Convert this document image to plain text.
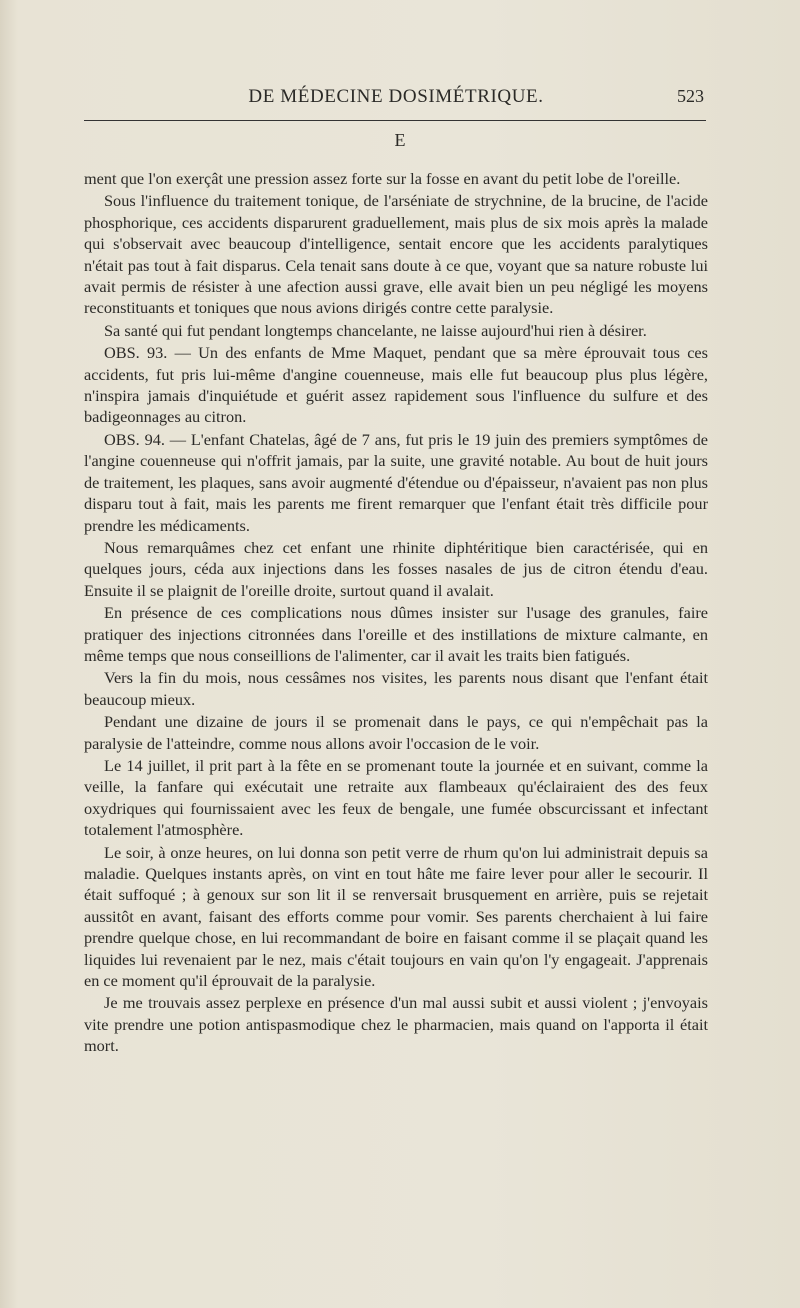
DE MÉDECINE DOSIMÉTRIQUE.	523
E

ment que l'on exerçât une pression assez forte sur la fosse en avant du petit lobe de l'oreille.

Sous l'influence du traitement tonique, de l'arséniate de strychnine, de la brucine, de l'acide phosphorique, ces accidents disparurent graduellement, mais plus de six mois après la malade qui s'observait avec beaucoup d'intelligence, sentait encore que les accidents paralytiques n'était pas tout à fait disparus. Cela tenait sans doute à ce que, voyant que sa nature robuste lui avait permis de résister à une afection aussi grave, elle avait bien un peu négligé les moyens reconstituants et toniques que nous avions dirigés contre cette paralysie.

Sa santé qui fut pendant longtemps chancelante, ne laisse aujourd'hui rien à désirer.

OBS. 93. — Un des enfants de Mme Maquet, pendant que sa mère éprouvait tous ces accidents, fut pris lui-même d'angine couenneuse, mais elle fut beaucoup plus plus légère, n'inspira jamais d'inquiétude et guérit assez rapidement sous l'influence du sulfure et des badigeonnages au citron.

OBS. 94. — L'enfant Chatelas, âgé de 7 ans, fut pris le 19 juin des premiers symptômes de l'angine couenneuse qui n'offrit jamais, par la suite, une gravité notable. Au bout de huit jours de traitement, les plaques, sans avoir augmenté d'étendue ou d'épaisseur, n'avaient pas non plus disparu tout à fait, mais les parents me firent remarquer que l'enfant était très difficile pour prendre les médicaments.

Nous remarquâmes chez cet enfant une rhinite diphtéritique bien caractérisée, qui en quelques jours, céda aux injections dans les fosses nasales de jus de citron étendu d'eau. Ensuite il se plaignit de l'oreille droite, surtout quand il avalait.

En présence de ces complications nous dûmes insister sur l'usage des granules, faire pratiquer des injections citronnées dans l'oreille et des instillations de mixture calmante, en même temps que nous conseillions de l'alimenter, car il avait les traits bien fatigués.

Vers la fin du mois, nous cessâmes nos visites, les parents nous disant que l'enfant était beaucoup mieux.

Pendant une dizaine de jours il se promenait dans le pays, ce qui n'empêchait pas la paralysie de l'atteindre, comme nous allons avoir l'occasion de le voir.

Le 14 juillet, il prit part à la fête en se promenant toute la journée et en suivant, comme la veille, la fanfare qui exécutait une retraite aux flambeaux qu'éclairaient des des feux oxydriques qui fournissaient avec les feux de bengale, une fumée obscurcissant et infectant totalement l'atmosphère.

Le soir, à onze heures, on lui donna son petit verre de rhum qu'on lui administrait depuis sa maladie. Quelques instants après, on vint en tout hâte me faire lever pour aller le secourir. Il était suffoqué ; à genoux sur son lit il se renversait brusquement en arrière, puis se rejetait aussitôt en avant, faisant des efforts comme pour vomir. Ses parents cherchaient à lui faire prendre quelque chose, en lui recommandant de boire en faisant comme il se plaçait quand les liquides lui revenaient par le nez, mais c'était toujours en vain qu'on l'y engageait. J'apprenais en ce moment qu'il éprouvait de la paralysie.

Je me trouvais assez perplexe en présence d'un mal aussi subit et aussi violent ; j'envoyais vite prendre une potion antispasmodique chez le pharmacien, mais quand on l'apporta il était mort.
